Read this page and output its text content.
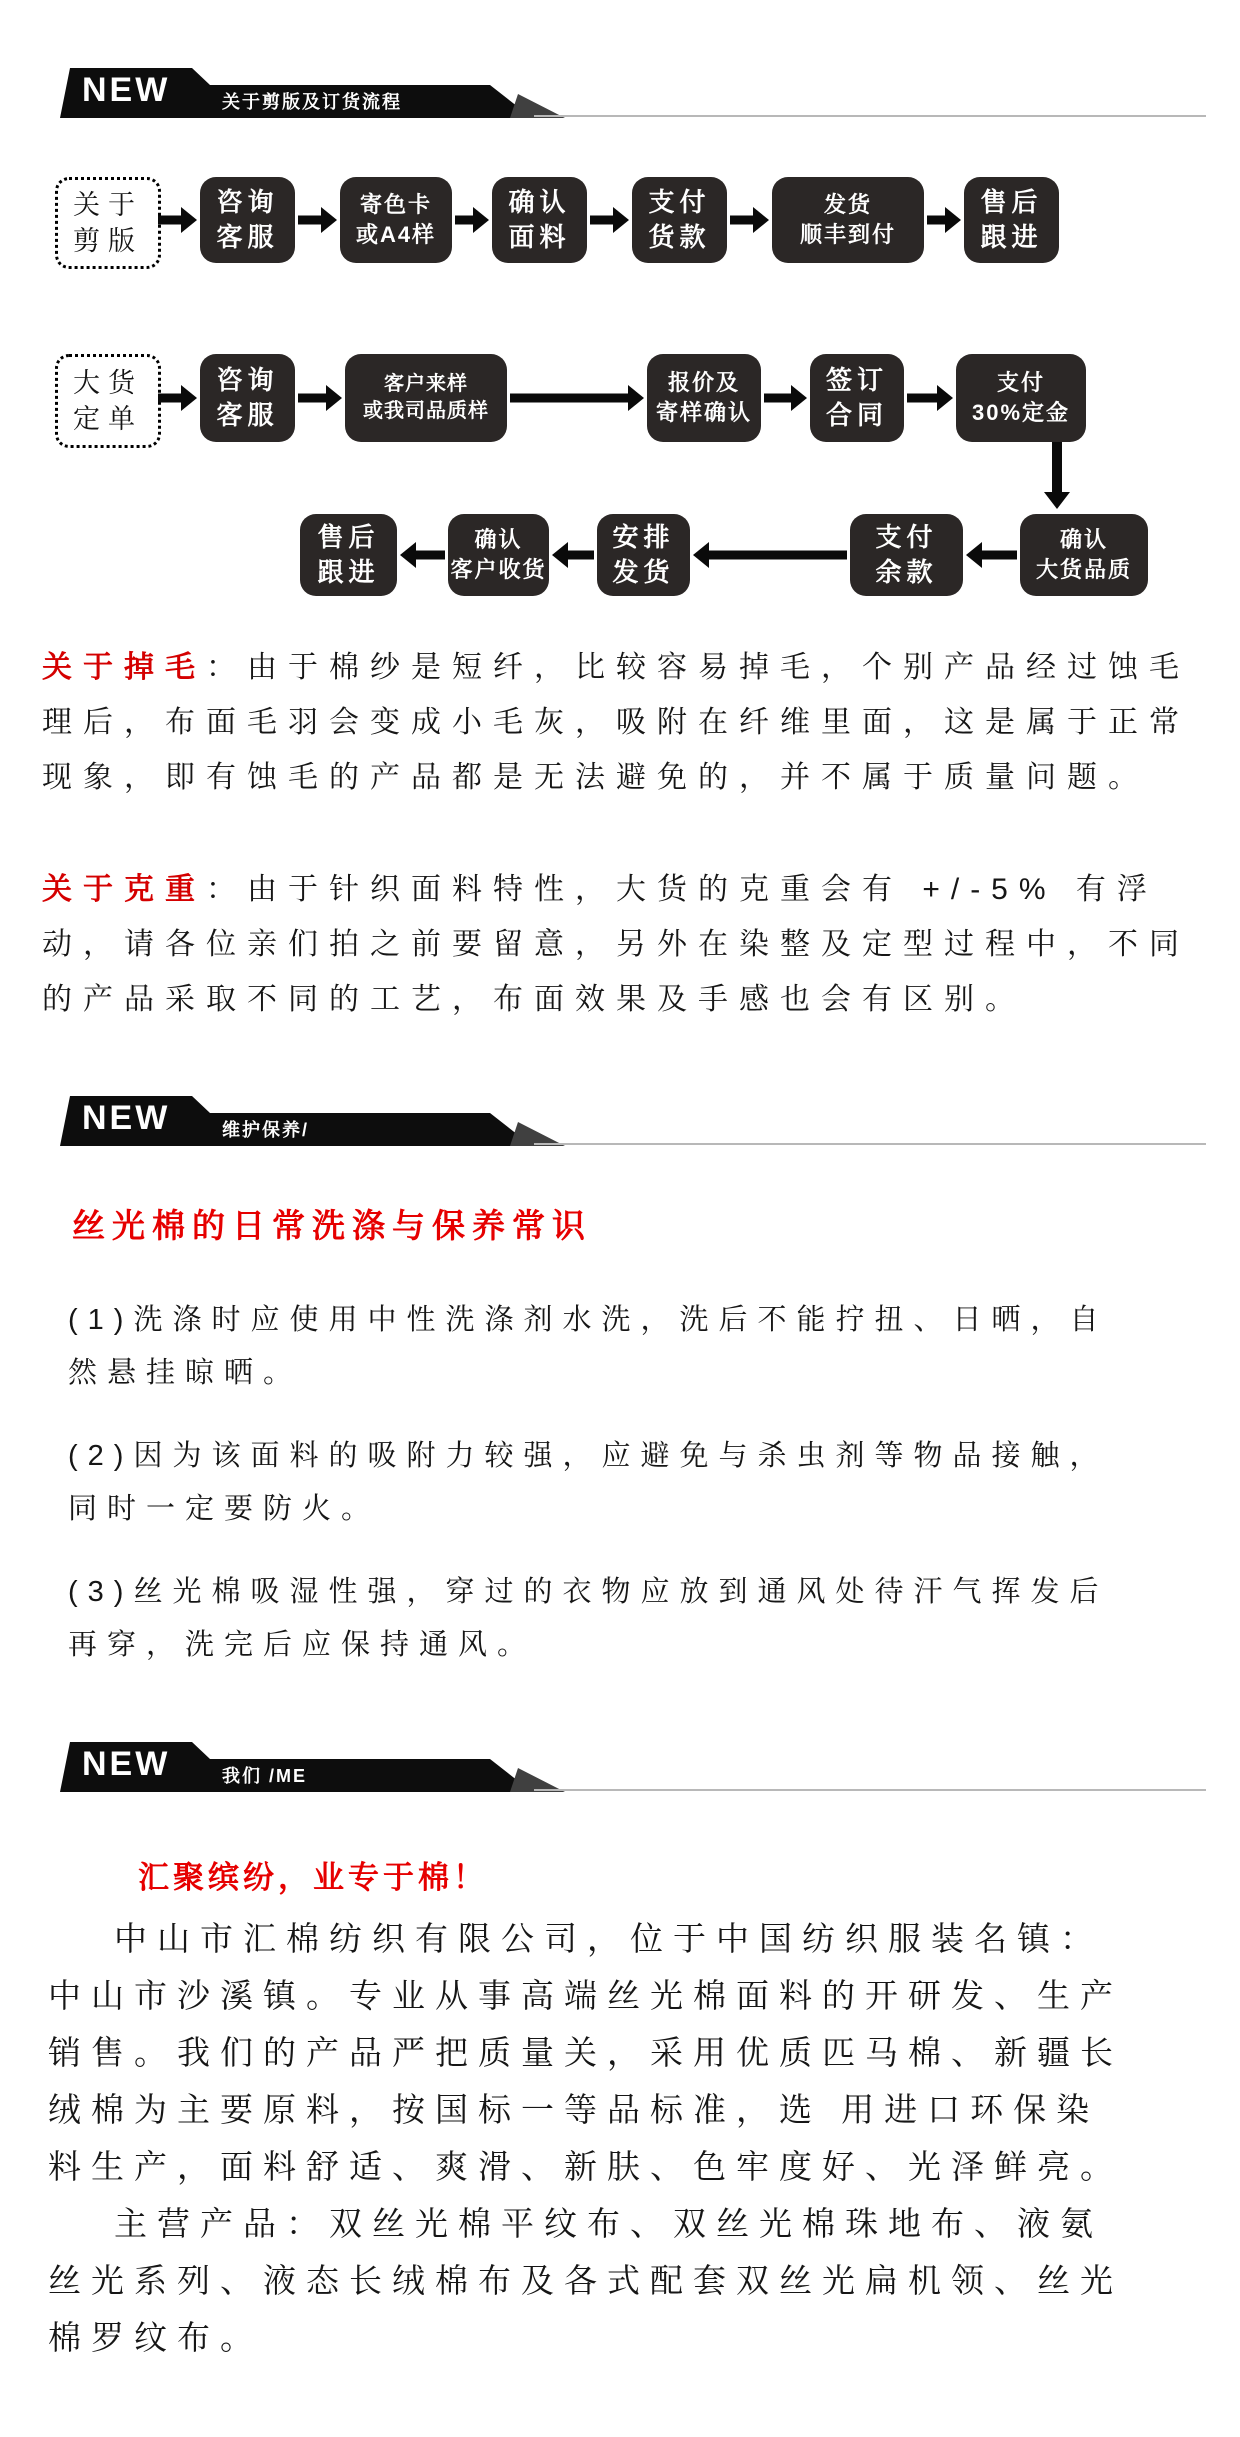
NEW	关于剪版及订货流程
关于
剪版
咨询
客服
寄色卡
或A4样
确认
面料
支付
货款
发货
顺丰到付
售后
跟进
大货
定单
咨询
客服
客户来样
或我司品质样
报价及
寄样确认
签订
合同
支付
30%定金
售后
跟进
确认
客户收货
安排
发货
支付
余款
确认
大货品质
关于掉毛：由于棉纱是短纤，比较容易掉毛，个别产品经过蚀毛理后，布面毛羽会变成小毛灰，吸附在纤维里面，这是属于正常现象，即有蚀毛的产品都是无法避免的，并不属于质量问题。
关于克重：由于针织面料特性，大货的克重会有 +/-5% 有浮动，请各位亲们拍之前要留意，另外在染整及定型过程中，不同的产品采取不同的工艺，布面效果及手感也会有区别。
NEW	维护保养/
丝光棉的日常洗涤与保养常识

(1)洗涤时应使用中性洗涤剂水洗，洗后不能拧扭、日晒，自然悬挂晾晒。

(2)因为该面料的吸附力较强，应避免与杀虫剂等物品接触，同时一定要防火。

(3)丝光棉吸湿性强，穿过的衣物应放到通风处待汗气挥发后再穿，洗完后应保持通风。

NEW	我们 /ME
汇聚缤纷，业专于棉！

中山市汇棉纺织有限公司，位于中国纺织服装名镇：中山市沙溪镇。专业从事高端丝光棉面料的开研发、生产销售。我们的产品严把质量关，采用优质匹马棉、新疆长绒棉为主要原料，按国标一等品标准，选 用进口环保染料生产，面料舒适、爽滑、新肤、色牢度好、光泽鲜亮。

主营产品：双丝光棉平纹布、双丝光棉珠地布、液氨丝光系列、液态长绒棉布及各式配套双丝光扁机领、丝光棉罗纹布。
